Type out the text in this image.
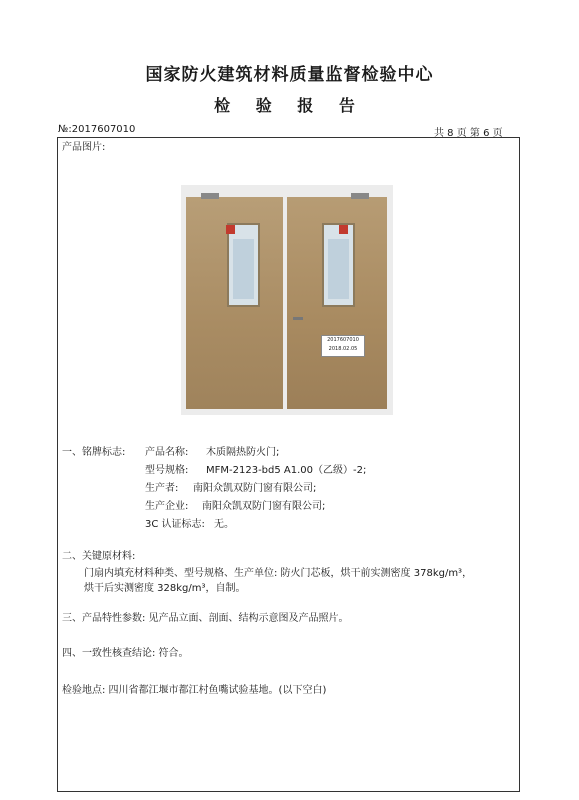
国家防火建筑材料质量监督检验中心
检 验 报 告
№:2017607010	共 8 页 第 6 页
产品图片:
2017607010
2018.02.05
一、铭牌标志: 产品名称: 木质隔热防火门;
型号规格: MFM-2123-bd5 A1.00（乙级）-2;
生产者: 南阳众凯双防门窗有限公司;
生产企业: 南阳众凯双防门窗有限公司;
3C 认证标志: 无。
二、关键原材料:
门扇内填充材料种类、型号规格、生产单位: 防火门芯板，烘干前实测密度 378kg/m³，
烘干后实测密度 328kg/m³，自制。
三、产品特性参数: 见产品立面、剖面、结构示意图及产品照片。
四、一致性核查结论: 符合。
检验地点: 四川省都江堰市都江村鱼嘴试验基地。(以下空白)
